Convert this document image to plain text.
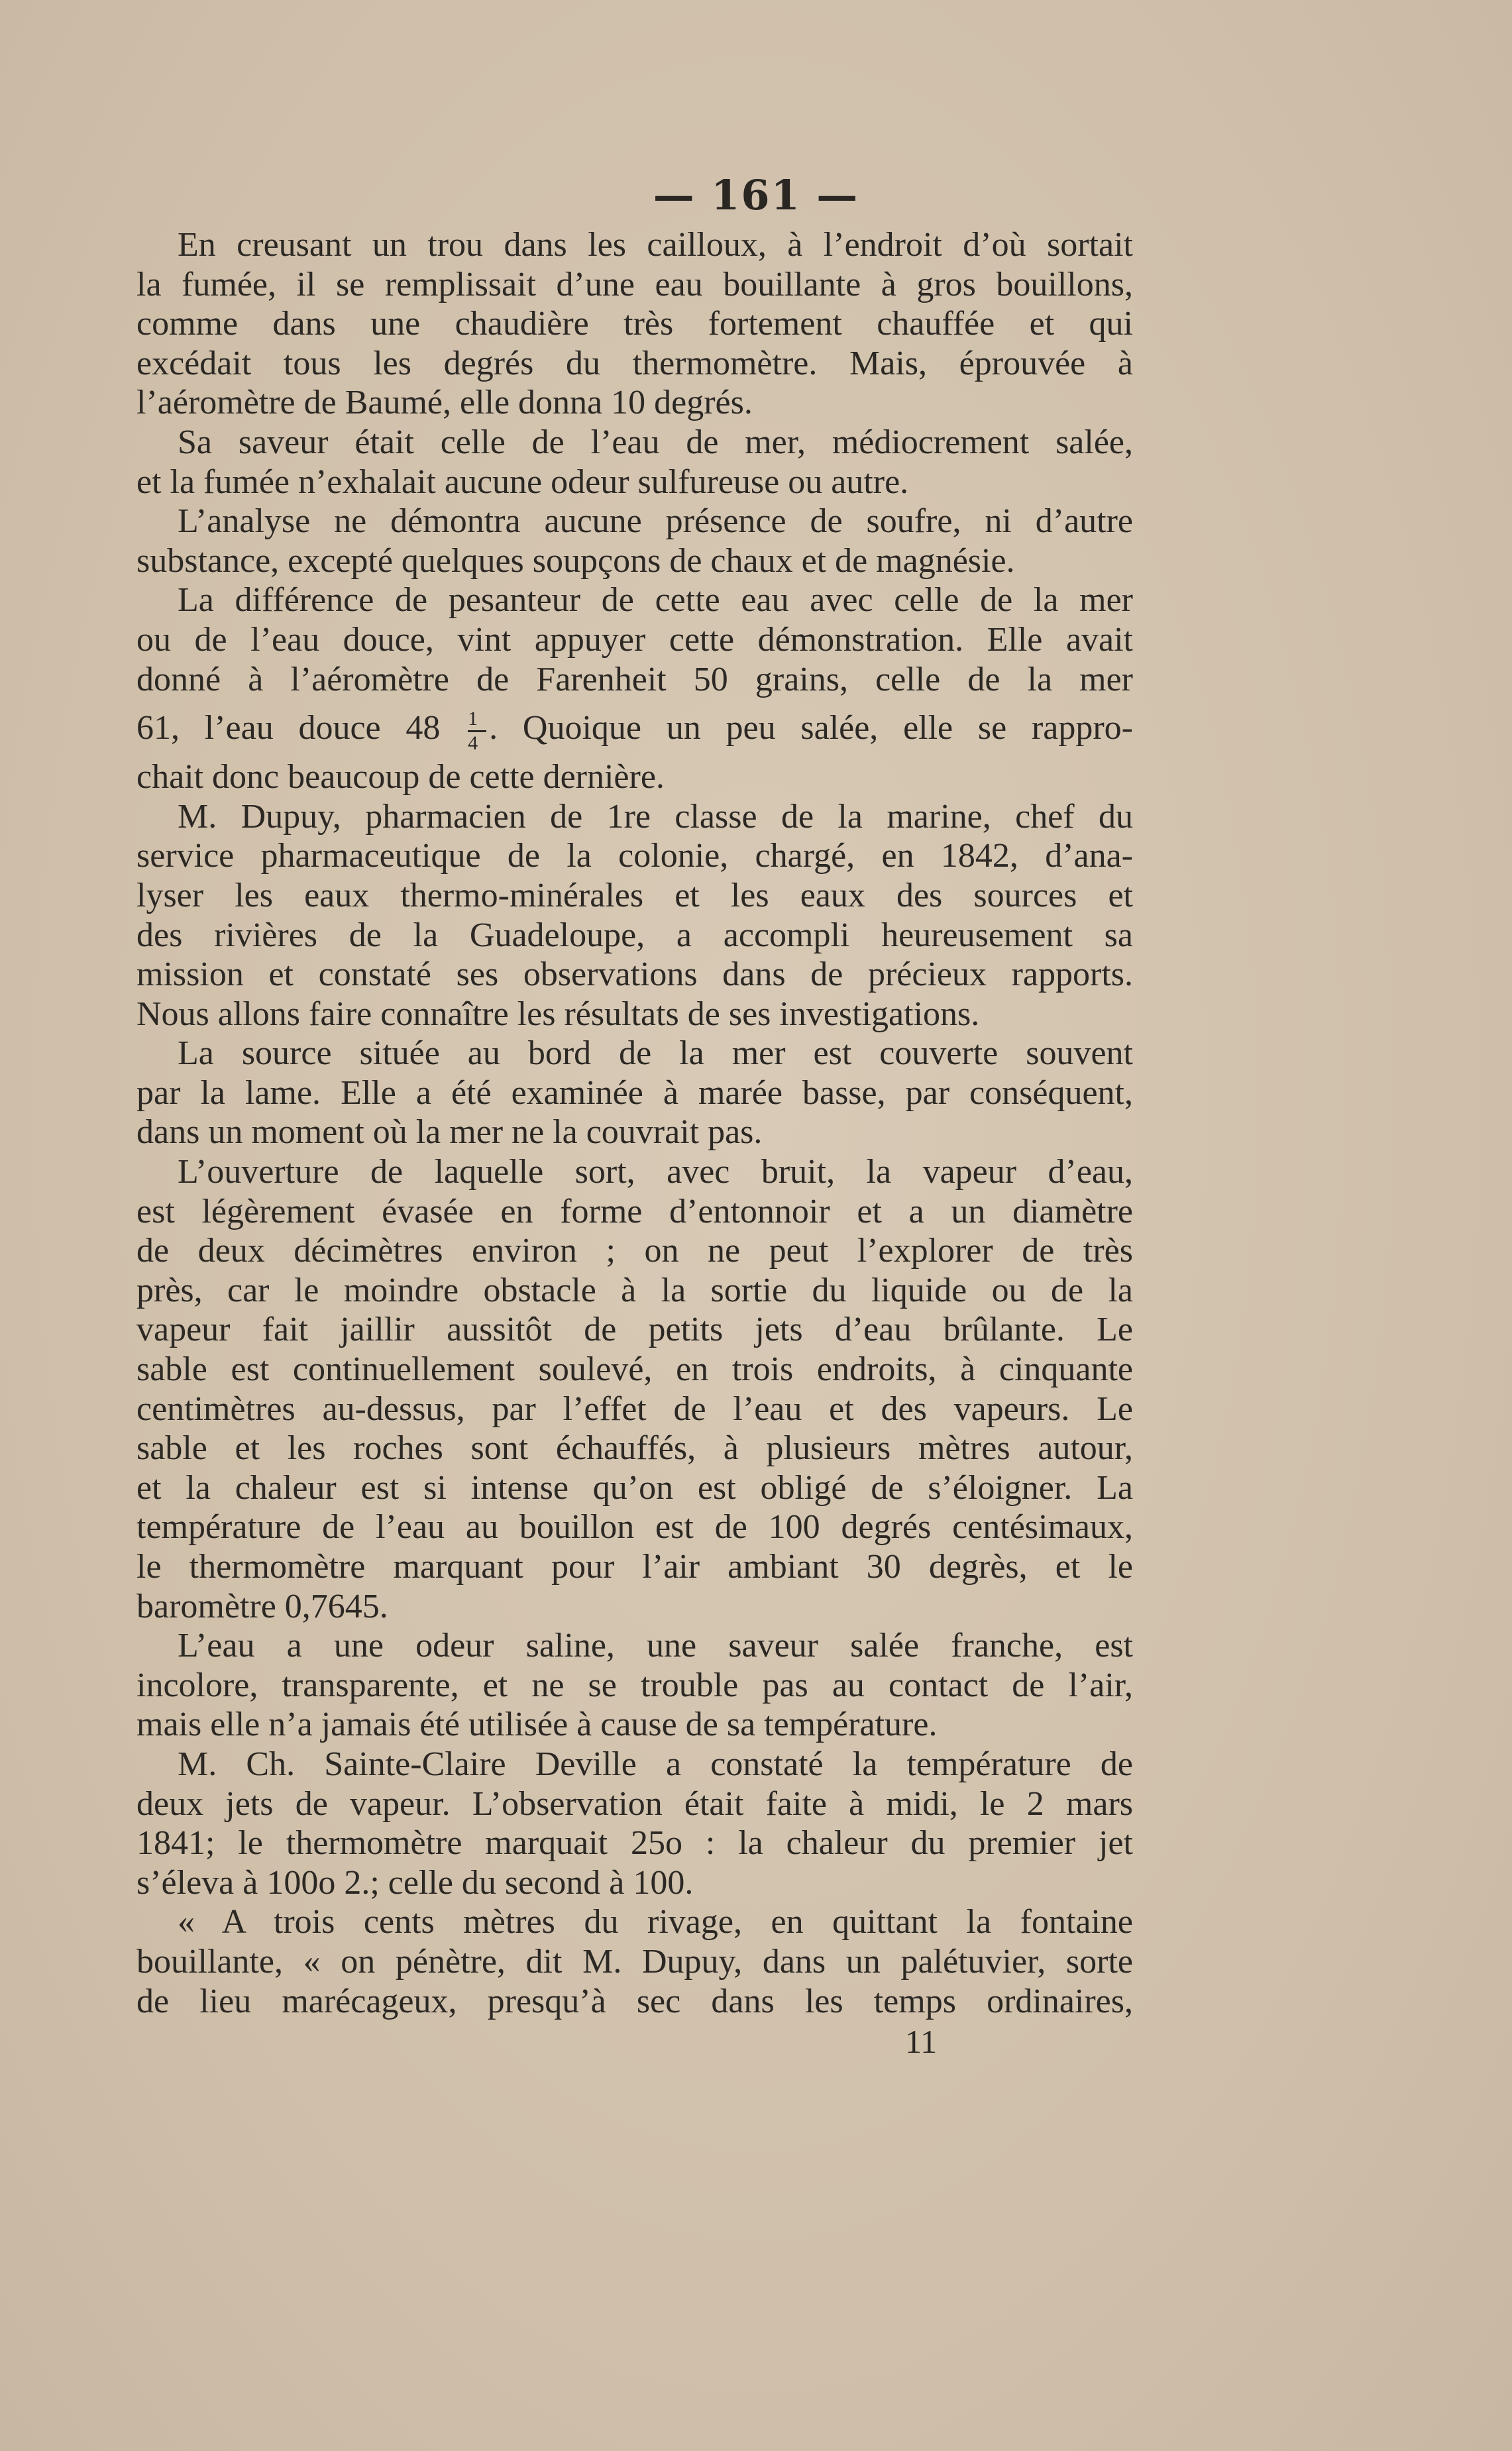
— 161 —
En creusant un trou dans les cailloux, à l’endroit d’où sortait
la fumée, il se remplissait d’une eau bouillante à gros bouillons,
comme dans une chaudière très fortement chauffée et qui
excédait tous les degrés du thermomètre. Mais, éprouvée à
l’aéromètre de Baumé, elle donna 10 degrés.
Sa saveur était celle de l’eau de mer, médiocrement salée,
et la fumée n’exhalait aucune odeur sulfureuse ou autre.
L’analyse ne démontra aucune présence de soufre, ni d’autre
substance, excepté quelques soupçons de chaux et de magnésie.
La différence de pesanteur de cette eau avec celle de la mer
ou de l’eau douce, vint appuyer cette démonstration. Elle avait
donné à l’aéromètre de Farenheit 50 grains, celle de la mer
61, l’eau douce $48 \frac{1}{4}$ . Quoique un peu salée, elle se rappro-
chait donc beaucoup de cette dernière.
M. Dupuy, pharmacien de 1re classe de la marine, chef du
service pharmaceutique de la colonie, chargé, en 1842, d’ana-
lyser les eaux thermo-minérales et les eaux des sources et
des rivières de la Guadeloupe, a accompli heureusement sa
mission et constaté ses observations dans de précieux rapports.
Nous allons faire connaître les résultats de ses investigations.
La source située au bord de la mer est couverte souvent
par la lame. Elle a été examinée à marée basse, par conséquent,
dans un moment où la mer ne la couvrait pas.
L’ouverture de laquelle sort, avec bruit, la vapeur d’eau,
est légèrement évasée en forme d’entonnoir et a un diamètre
de deux décimètres environ ; on ne peut l’explorer de très
près, car le moindre obstacle à la sortie du liquide ou de la
vapeur fait jaillir aussitôt de petits jets d’eau brûlante. Le
sable est continuellement soulevé, en trois endroits, à cinquante
centimètres au-dessus, par l’effet de l’eau et des vapeurs. Le
sable et les roches sont échauffés, à plusieurs mètres autour,
et la chaleur est si intense qu’on est obligé de s’éloigner. La
température de l’eau au bouillon est de 100 degrés centésimaux,
le thermomètre marquant pour l’air ambiant 30 degrès, et le
baromètre 0,7645.
L’eau a une odeur saline, une saveur salée franche, est
incolore, transparente, et ne se trouble pas au contact de l’air,
mais elle n’a jamais été utilisée à cause de sa température.
M. Ch. Sainte-Claire Deville a constaté la température de
deux jets de vapeur. L’observation était faite à midi, le 2 mars
1841; le thermomètre marquait 25o : la chaleur du premier jet
s’éleva à 100o 2.; celle du second à 100.
« A trois cents mètres du rivage, en quittant la fontaine
bouillante, « on pénètre, dit M. Dupuy, dans un palétuvier, sorte
de lieu marécageux, presqu’à sec dans les temps ordinaires,
11
